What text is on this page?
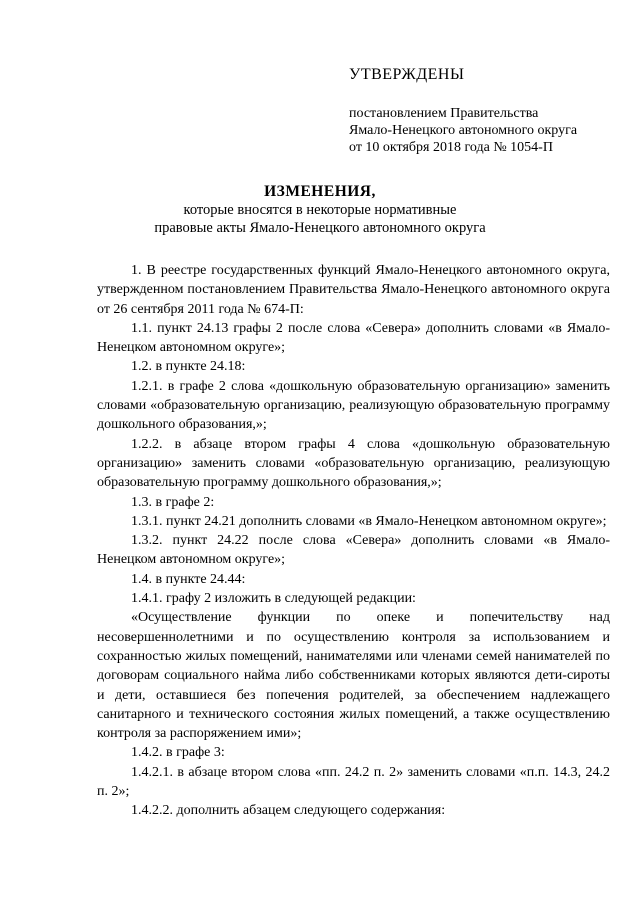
УТВЕРЖДЕНЫ
постановлением Правительства
Ямало-Ненецкого автономного округа
от 10 октября 2018 года № 1054-П
ИЗМЕНЕНИЯ,
которые вносятся в некоторые нормативные
правовые акты Ямало-Ненецкого автономного округа
1. В реестре государственных функций Ямало-Ненецкого автономного округа, утвержденном постановлением Правительства Ямало-Ненецкого автономного округа от 26 сентября 2011 года № 674-П:
1.1. пункт 24.13 графы 2 после слова «Севера» дополнить словами «в Ямало-Ненецком автономном округе»;
1.2. в пункте 24.18:
1.2.1. в графе 2 слова «дошкольную образовательную организацию» заменить словами «образовательную организацию, реализующую образовательную программу дошкольного образования,»;
1.2.2. в абзаце втором графы 4 слова «дошкольную образовательную организацию» заменить словами «образовательную организацию, реализующую образовательную программу дошкольного образования,»;
1.3. в графе 2:
1.3.1. пункт 24.21 дополнить словами «в Ямало-Ненецком автономном округе»;
1.3.2. пункт 24.22 после слова «Севера» дополнить словами «в Ямало-Ненецком автономном округе»;
1.4. в пункте 24.44:
1.4.1. графу 2 изложить в следующей редакции:
«Осуществление функции по опеке и попечительству над несовершеннолетними и по осуществлению контроля за использованием и сохранностью жилых помещений, нанимателями или членами семей нанимателей по договорам социального найма либо собственниками которых являются дети-сироты и дети, оставшиеся без попечения родителей, за обеспечением надлежащего санитарного и технического состояния жилых помещений, а также осуществлению контроля за распоряжением ими»;
1.4.2. в графе 3:
1.4.2.1. в абзаце втором слова «пп. 24.2 п. 2» заменить словами «п.п. 14.3, 24.2 п. 2»;
1.4.2.2. дополнить абзацем следующего содержания:
